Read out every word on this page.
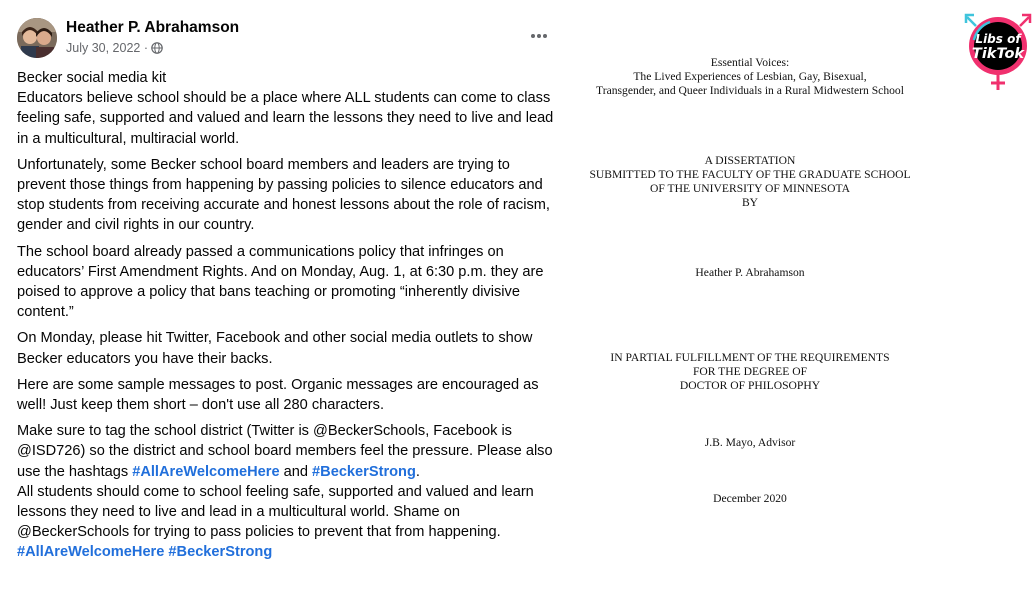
Heather P. Abrahamson
July 30, 2022 ·

Becker social media kit
Educators believe school should be a place where ALL students can come to class feeling safe, supported and valued and learn the lessons they need to live and lead in a multicultural, multiracial world.

Unfortunately, some Becker school board members and leaders are trying to prevent those things from happening by passing policies to silence educators and stop students from receiving accurate and honest lessons about the role of racism, gender and civil rights in our country.

The school board already passed a communications policy that infringes on educators’ First Amendment Rights. And on Monday, Aug. 1, at 6:30 p.m. they are poised to approve a policy that bans teaching or promoting “inherently divisive content.”

On Monday, please hit Twitter, Facebook and other social media outlets to show Becker educators you have their backs.

Here are some sample messages to post. Organic messages are encouraged as well! Just keep them short – don't use all 280 characters.

Make sure to tag the school district (Twitter is @BeckerSchools, Facebook is @ISD726) so the district and school board members feel the pressure. Please also use the hashtags #AllAreWelcomeHere and #BeckerStrong.

All students should come to school feeling safe, supported and valued and learn lessons they need to live and lead in a multicultural world. Shame on @BeckerSchools for trying to pass policies to prevent that from happening.
#AllAreWelcomeHere #BeckerStrong

Essential Voices:
The Lived Experiences of Lesbian, Gay, Bisexual,
Transgender, and Queer Individuals in a Rural Midwestern School
A DISSERTATION
SUBMITTED TO THE FACULTY OF THE GRADUATE SCHOOL
OF THE UNIVERSITY OF MINNESOTA
BY
Heather P. Abrahamson
IN PARTIAL FULFILLMENT OF THE REQUIREMENTS
FOR THE DEGREE OF
DOCTOR OF PHILOSOPHY
J.B. Mayo, Advisor
December 2020
Libs of
TikTok
